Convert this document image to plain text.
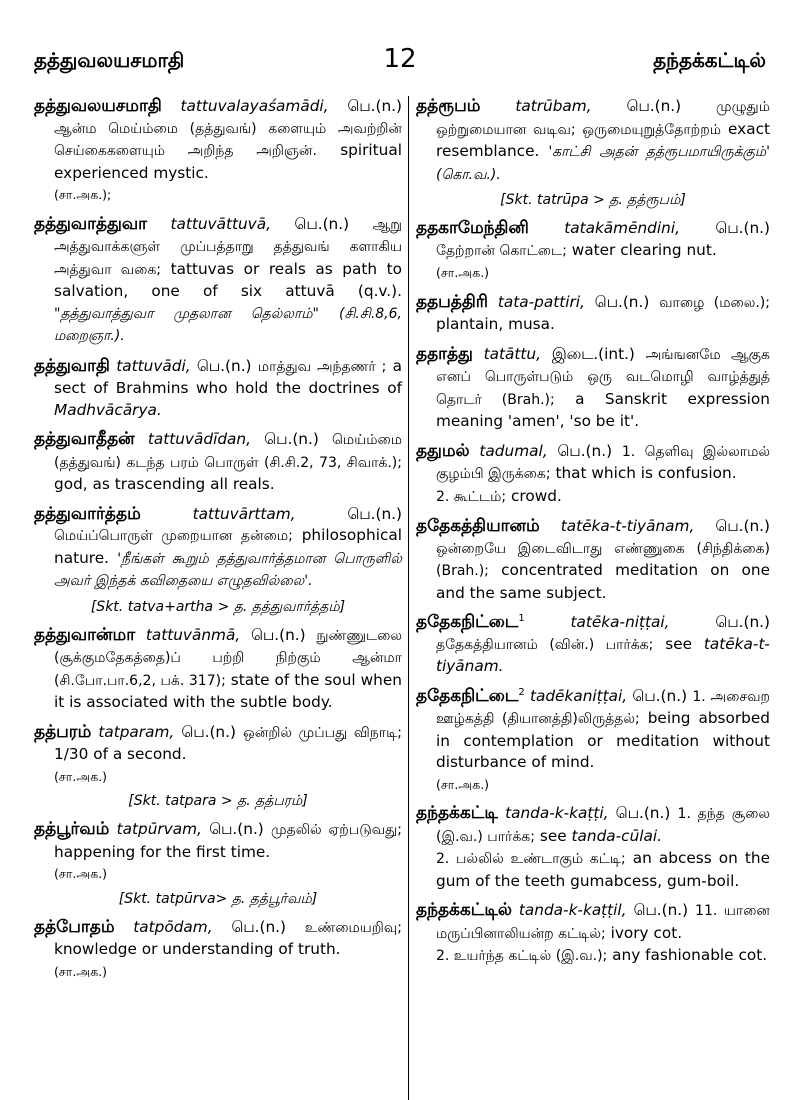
தத்துவலயசமாதி	12	தந்தக்கட்டில்
தத்துவலயசமாதி tattuvalayaśamādi, பெ.(n.) ஆன்ம மெய்ம்மை (தத்துவங்) களையும் அவற்றின் செய்கைகளையும் அறிந்த அறிஞன். spiritual experienced mystic.
(சா.அக.);
தத்துவாத்துவா tattuvāttuvā, பெ.(n.) ஆறு அத்துவாக்களுள் முப்பத்தாறு தத்துவங் களாகிய அத்துவா வகை; tattuvas or reals as path to salvation, one of six attuvā (q.v.). "தத்துவாத்துவா முதலான தெல்லாம்" (சி.சி.8,6, மறைஞா.).
தத்துவாதி tattuvādi, பெ.(n.) மாத்துவ அந்தணர் ; a sect of Brahmins who hold the doctrines of Madhvācārya.
தத்துவாதீதன் tattuvādīdan, பெ.(n.) மெய்ம்மை (தத்துவங்) கடந்த பரம் பொருள் (சி.சி.2, 73, சிவாக்.); god, as trascending all reals.
தத்துவார்த்தம்	tattuvārttam,	பெ.(n.) மெய்ப்பொருள் முறையான தன்மை; philosophical nature. 'நீங்கள் கூறும் தத்துவார்த்தமான பொருளில் அவர் இந்தக் கவிதையை எழுதவில்லை'.
[Skt. tatva+artha > த. தத்துவார்த்தம்]
தத்துவான்மா tattuvānmā, பெ.(n.) நுண்ணுடலை (சூக்குமதேகத்தை)ப் பற்றி நிற்கும் ஆன்மா (சி.போ.பா.6,2, பக். 317); state of the soul when it is associated with the subtle body.
தத்பரம் tatparam, பெ.(n.) ஒன்றில் முப்பது விநாடி; 1/30 of a second.
(சா.அக.)
[Skt. tatpara > த. தத்பரம்]
தத்பூர்வம் tatpūrvam, பெ.(n.) முதலில் ஏற்படுவது; happening for the first time.
(சா.அக.)
[Skt. tatpūrva> த. தத்பூர்வம்]
தத்போதம் tatpōdam, பெ.(n.) உண்மையறிவு; knowledge or understanding of truth.
(சா.அக.)
தத்ரூபம் tatrūbam, பெ.(n.) முழுதும் ஒற்றுமையான வடிவ; ஒருமையுறுத்தோற்றம் exact resemblance. 'காட்சி அதன் தத்ரூபமாயிருக்கும்' (கொ.வ.).
[Skt. tatrūpa > த. தத்ரூபம்]
ததகாமேந்தினி tatakāmēndini, பெ.(n.) தேற்றான் கொட்டை; water clearing nut.
(சா.அக.)
ததபத்திரி tata-pattiri, பெ.(n.) வாழை (மலை.); plantain, musa.
ததாத்து tatāttu, இடை.(int.) அங்ஙனமே ஆகுக எனப் பொருள்படும் ஒரு வடமொழி வாழ்த்துத் தொடர் (Brah.); a Sanskrit expression meaning 'amen', 'so be it'.
ததுமல் tadumal, பெ.(n.) 1. தெளிவு இல்லாமல் குழம்பி இருக்கை; that which is confusion.
2. கூட்டம்; crowd.
ததேகத்தியானம் tatēka-t-tiyānam, பெ.(n.) ஒன்றையே இடைவிடாது எண்ணுகை (சிந்திக்கை) (Brah.); concentrated meditation on one and the same subject.
ததேகநிட்டை$^1$	tatēka-niṭṭai,	பெ.(n.) ததேகத்தியானம் (வின்.) பார்க்க; see tatēka-t-tiyānam.
ததேகநிட்டை$^2$ tadēkaniṭṭai, பெ.(n.) 1. அசைவற ஊழ்கத்தி (தியானத்தி)லிருத்தல்; being absorbed in contemplation or meditation without disturbance of mind.
(சா.அக.)
தந்தக்கட்டி tanda-k-kaṭṭi, பெ.(n.) 1. தந்த சூலை (இ.வ.) பார்க்க; see tanda-cūlai.
2. பல்லில் உண்டாகும் கட்டி; an abcess on the gum of the teeth gumabcess, gum-boil.
தந்தக்கட்டில் tanda-k-kaṭṭil, பெ.(n.) 11. யானை மருப்பினாலியன்ற கட்டில்; ivory cot.
2. உயர்ந்த கட்டில் (இ.வ.); any fashionable cot.
